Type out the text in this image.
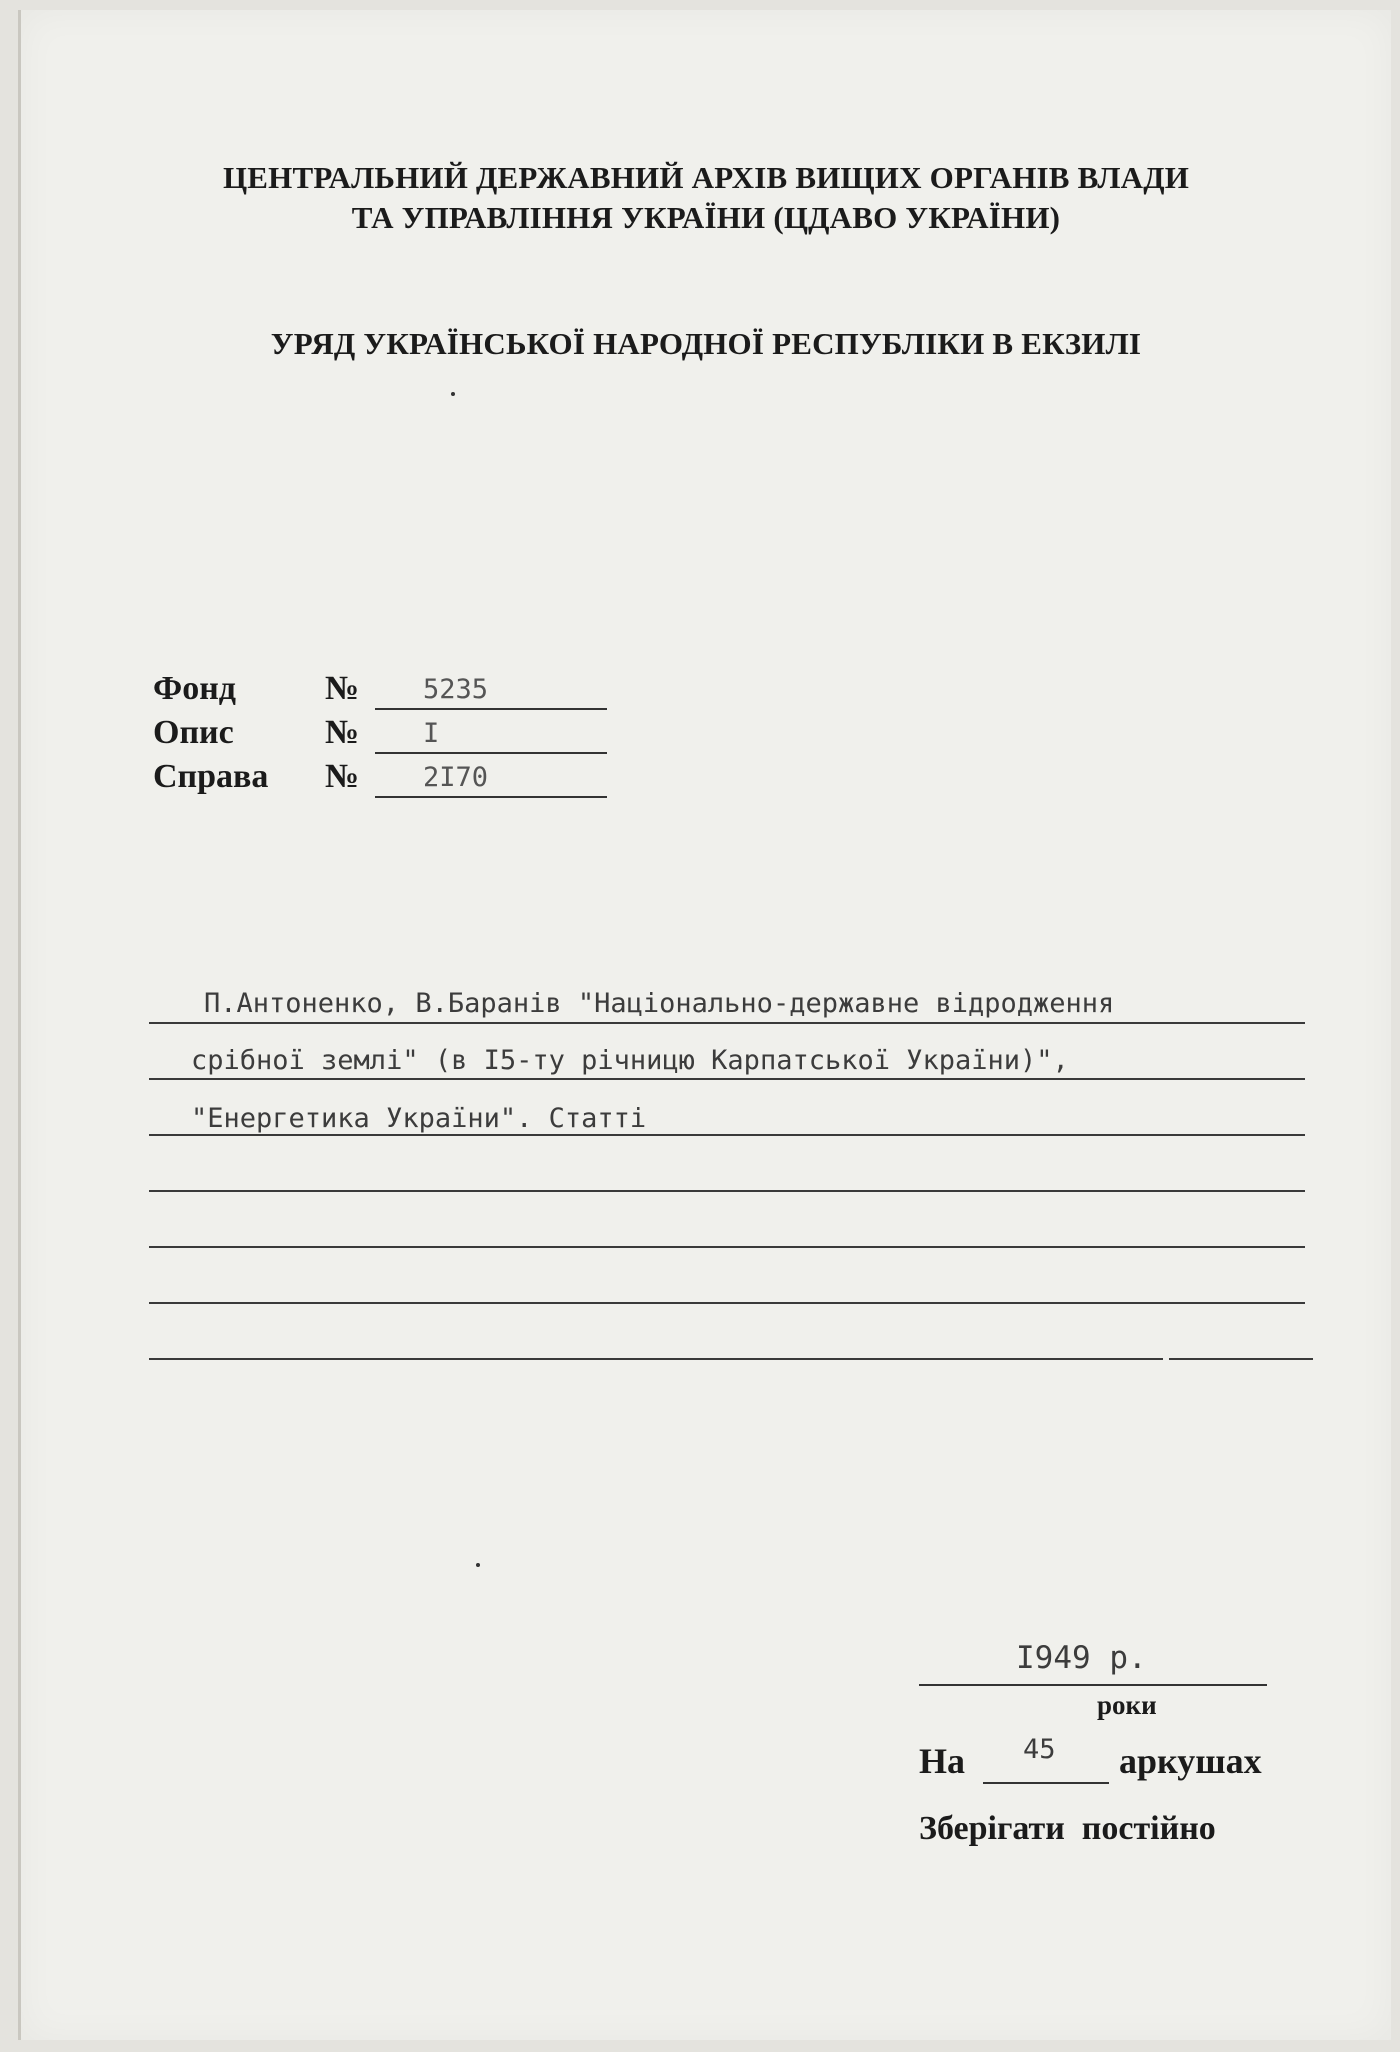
ЦЕНТРАЛЬНИЙ ДЕРЖАВНИЙ АРХІВ ВИЩИХ ОРГАНІВ ВЛАДИ
ТА УПРАВЛІННЯ УКРАЇНИ (ЦДАВО УКРАЇНИ)
УРЯД УКРАЇНСЬКОЇ НАРОДНОЇ РЕСПУБЛІКИ В ЕКЗИЛІ
Фонд	№ 5235
Опис	№ I
Справа № 2I70
П.Антоненко, В.Баранів "Національно-державне відродження
срібної землі" (в I5-ту річницю Карпатської України)",
"Енергетика України". Статті
I949 р.
роки
На 45 аркушах
Зберігати  постійно
